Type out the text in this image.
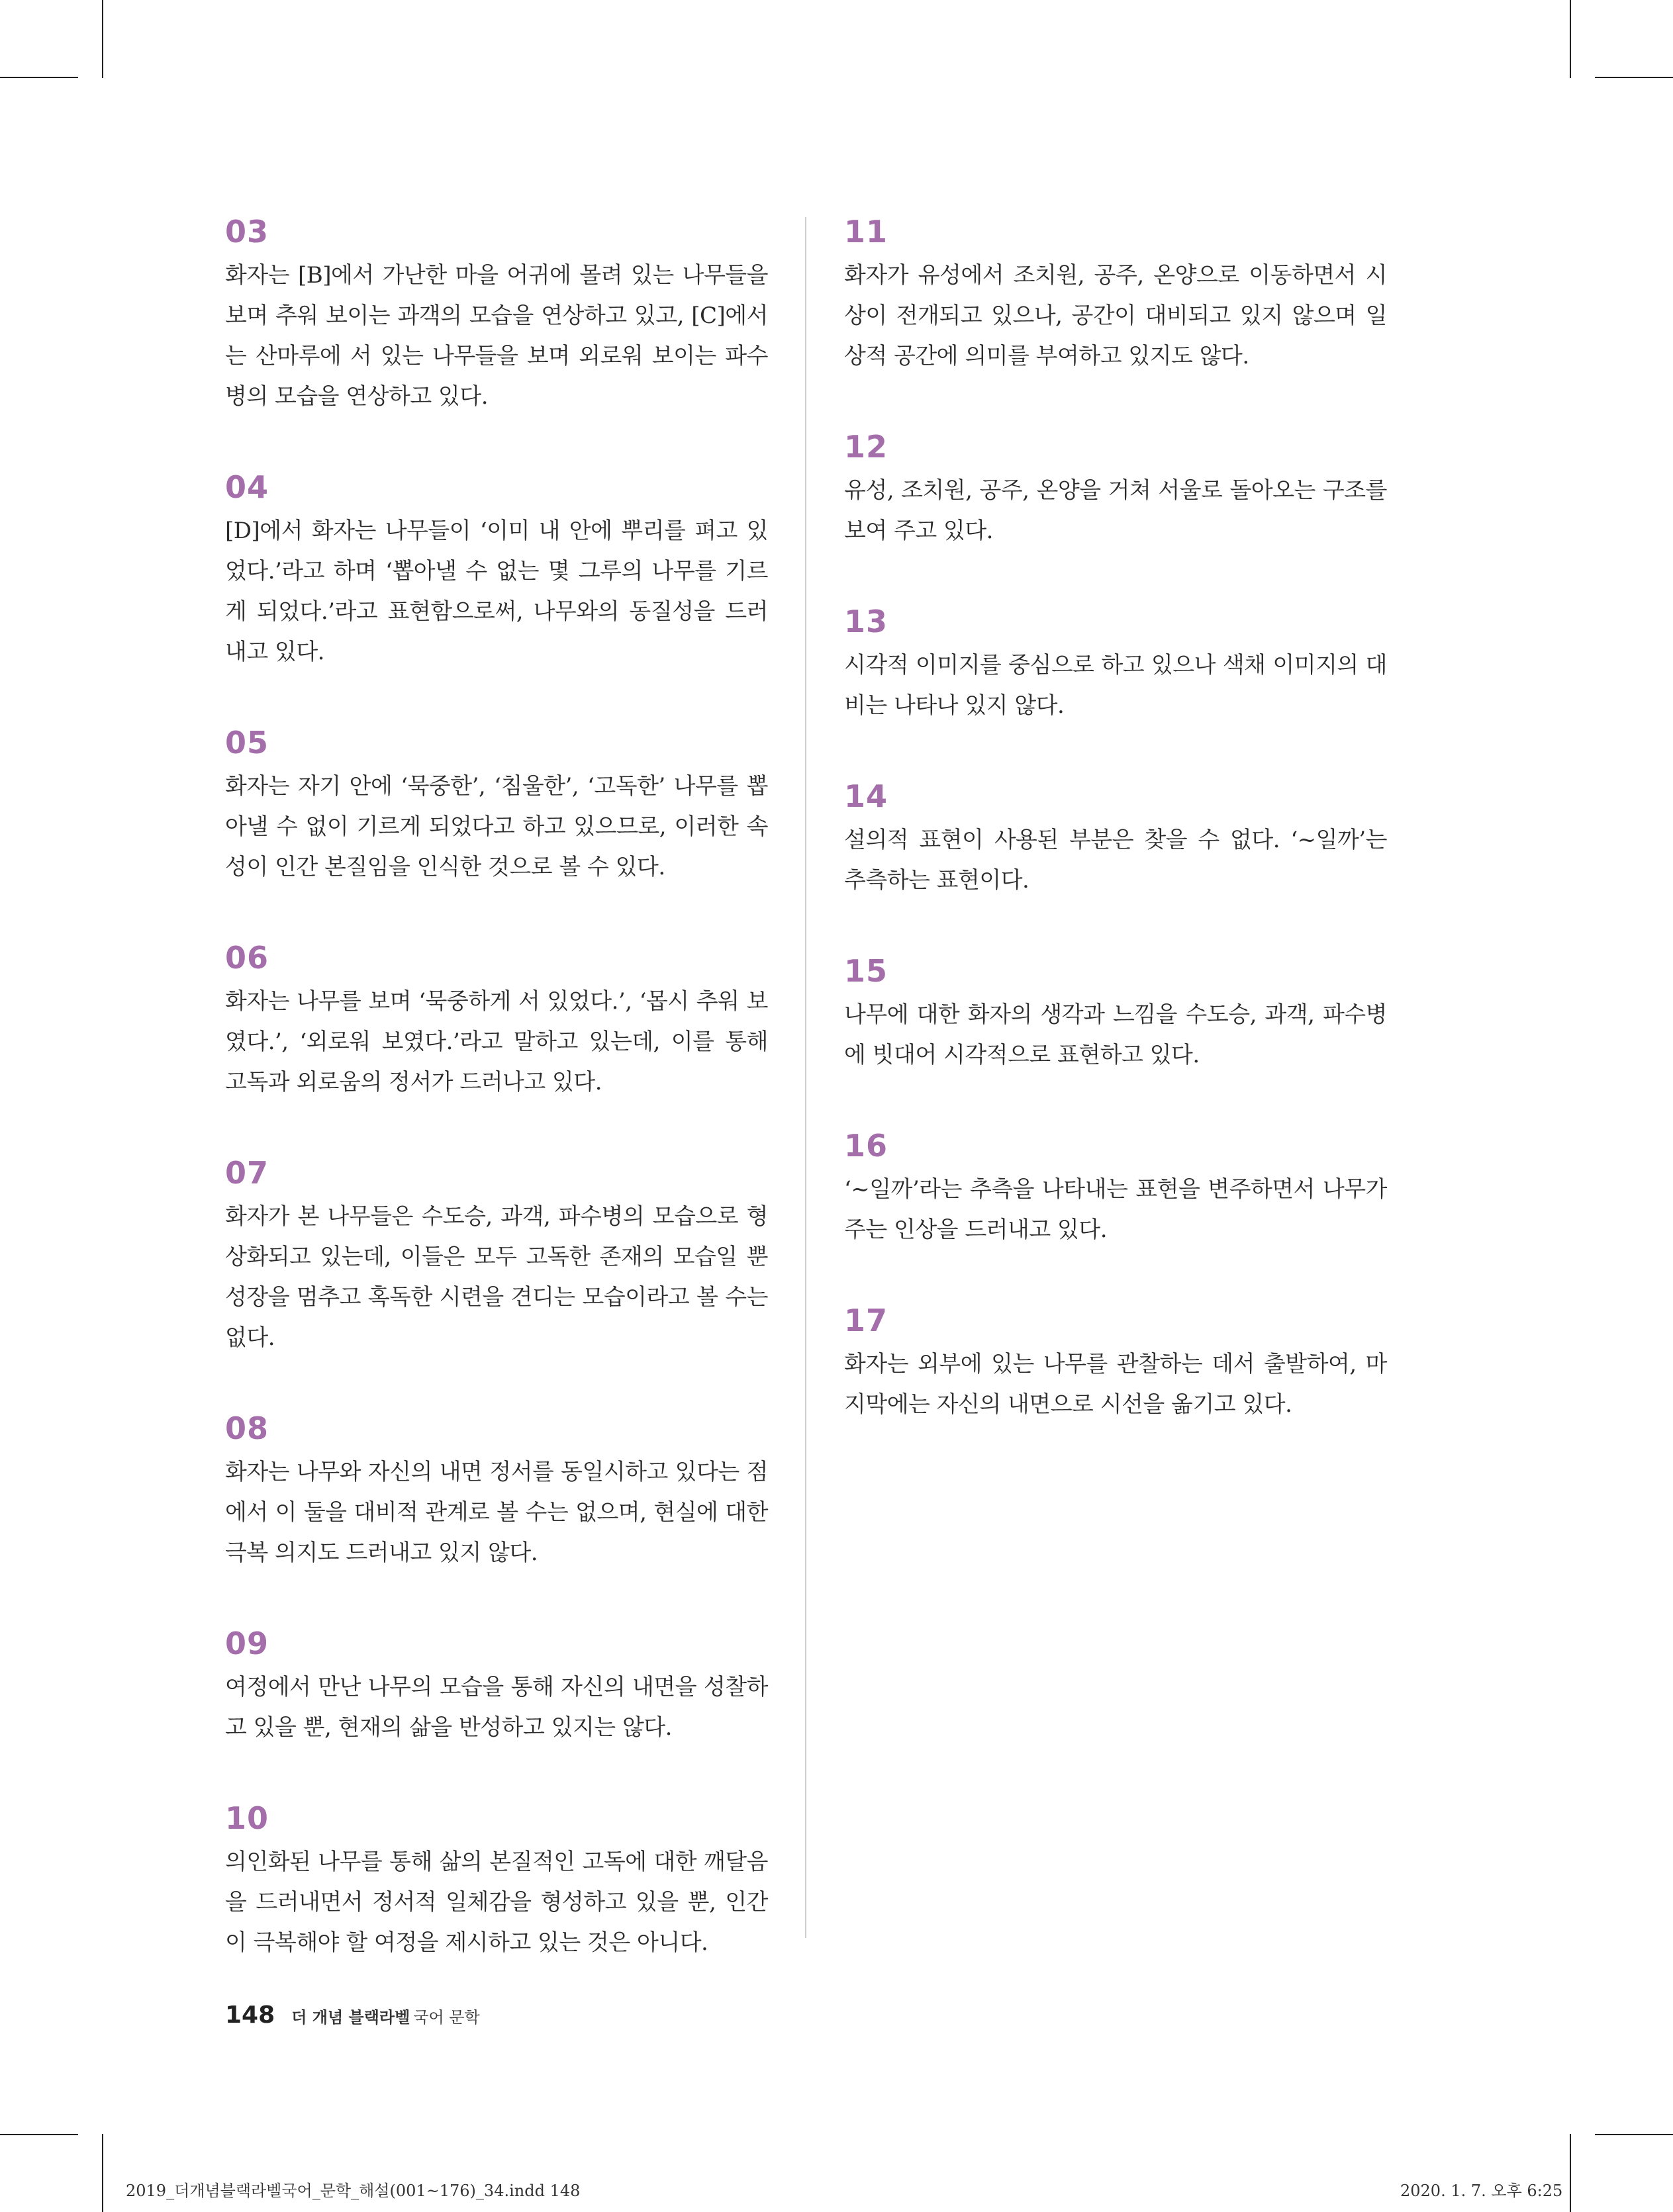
03

화자는 [B]에서 가난한 마을 어귀에 몰려 있는 나무들을 보며 추워 보이는 과객의 모습을 연상하고 있고, [C]에서는 산마루에 서 있는 나무들을 보며 외로워 보이는 파수병의 모습을 연상하고 있다.

04

[D]에서 화자는 나무들이 ‘이미 내 안에 뿌리를 펴고 있었다.’라고 하며 ‘뽑아낼 수 없는 몇 그루의 나무를 기르게 되었다.’라고 표현함으로써, 나무와의 동질성을 드러내고 있다.

05

화자는 자기 안에 ‘묵중한’, ‘침울한’, ‘고독한’ 나무를 뽑아낼 수 없이 기르게 되었다고 하고 있으므로, 이러한 속성이 인간 본질임을 인식한 것으로 볼 수 있다.

06

화자는 나무를 보며 ‘묵중하게 서 있었다.’, ‘몹시 추워 보였다.’, ‘외로워 보였다.’라고 말하고 있는데, 이를 통해 고독과 외로움의 정서가 드러나고 있다.

07

화자가 본 나무들은 수도승, 과객, 파수병의 모습으로 형상화되고 있는데, 이들은 모두 고독한 존재의 모습일 뿐 성장을 멈추고 혹독한 시련을 견디는 모습이라고 볼 수는 없다.

08

화자는 나무와 자신의 내면 정서를 동일시하고 있다는 점에서 이 둘을 대비적 관계로 볼 수는 없으며, 현실에 대한 극복 의지도 드러내고 있지 않다.

09

여정에서 만난 나무의 모습을 통해 자신의 내면을 성찰하고 있을 뿐, 현재의 삶을 반성하고 있지는 않다.

10

의인화된 나무를 통해 삶의 본질적인 고독에 대한 깨달음을 드러내면서 정서적 일체감을 형성하고 있을 뿐, 인간이 극복해야 할 여정을 제시하고 있는 것은 아니다.

11

화자가 유성에서 조치원, 공주, 온양으로 이동하면서 시상이 전개되고 있으나, 공간이 대비되고 있지 않으며 일상적 공간에 의미를 부여하고 있지도 않다.

12

유성, 조치원, 공주, 온양을 거쳐 서울로 돌아오는 구조를 보여 주고 있다.

13

시각적 이미지를 중심으로 하고 있으나 색채 이미지의 대비는 나타나 있지 않다.

14

설의적 표현이 사용된 부분은 찾을 수 없다. ‘~일까’는 추측하는 표현이다.

15

나무에 대한 화자의 생각과 느낌을 수도승, 과객, 파수병에 빗대어 시각적으로 표현하고 있다.

16

‘~일까’라는 추측을 나타내는 표현을 변주하면서 나무가 주는 인상을 드러내고 있다.

17

화자는 외부에 있는 나무를 관찰하는 데서 출발하여, 마지막에는 자신의 내면으로 시선을 옮기고 있다.

148 더 개념 블랙라벨 국어 문학
2019_더개념블랙라벨국어_문학_해설(001~176)_34.indd 148	2020. 1. 7. 오후 6:25
